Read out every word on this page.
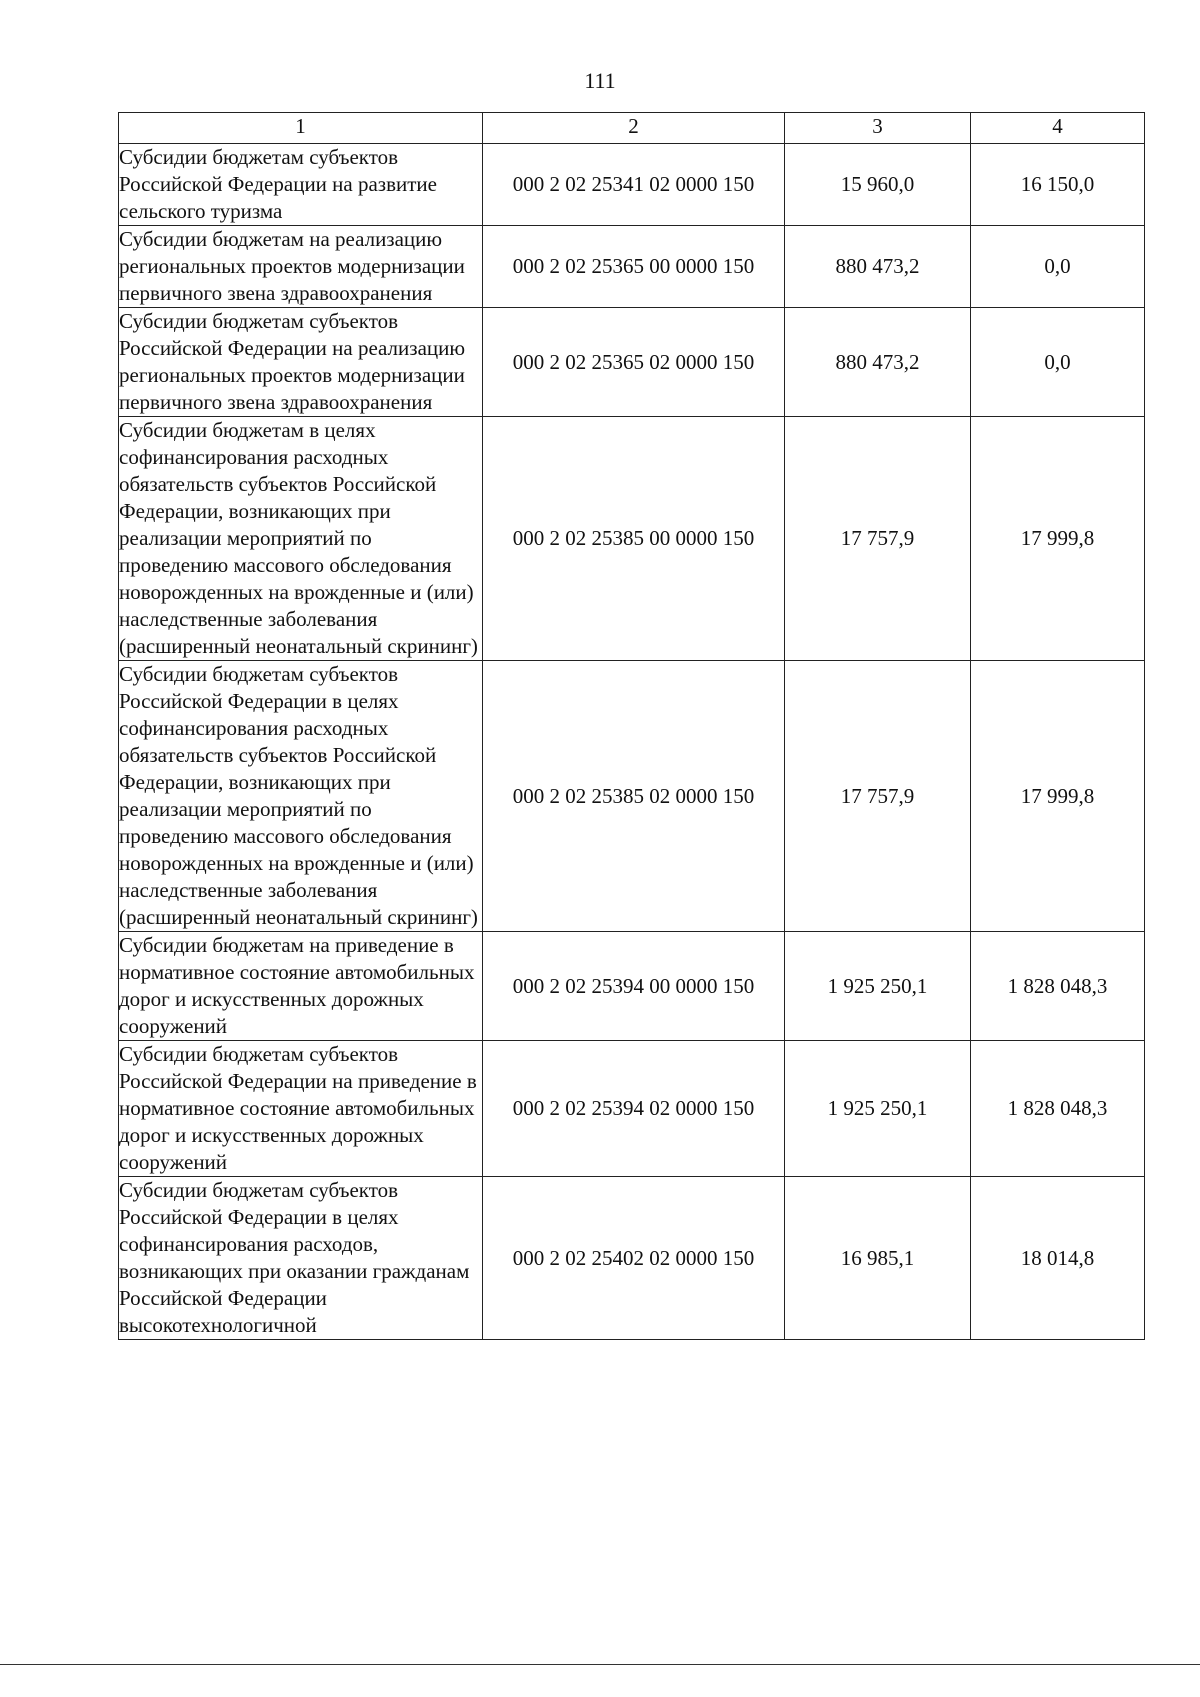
111
1	2	3	4
Субсидии бюджетам субъектов Российской Федерации на развитие сельского туризма	000 2 02 25341 02 0000 150	15 960,0	16 150,0
Субсидии бюджетам на реализацию региональных проектов модернизации первичного звена здравоохранения	000 2 02 25365 00 0000 150	880 473,2	0,0
Субсидии бюджетам субъектов Российской Федерации на реализацию региональных проектов модернизации первичного звена здравоохранения	000 2 02 25365 02 0000 150	880 473,2	0,0
Субсидии бюджетам в целях софинансирования расходных обязательств субъектов Российской Федерации, возникающих при реализации мероприятий по проведению массового обследования новорожденных на врожденные и (или) наследственные заболевания (расширенный неонатальный скрининг)	000 2 02 25385 00 0000 150	17 757,9	17 999,8
Субсидии бюджетам субъектов Российской Федерации в целях софинансирования расходных обязательств субъектов Российской Федерации, возникающих при реализации мероприятий по проведению массового обследования новорожденных на врожденные и (или) наследственные заболевания (расширенный неонатальный скрининг)	000 2 02 25385 02 0000 150	17 757,9	17 999,8
Субсидии бюджетам на приведение в нормативное состояние автомобильных дорог и искусственных дорожных сооружений	000 2 02 25394 00 0000 150	1 925 250,1	1 828 048,3
Субсидии бюджетам субъектов Российской Федерации на приведение в нормативное состояние автомобильных дорог и искусственных дорожных сооружений	000 2 02 25394 02 0000 150	1 925 250,1	1 828 048,3
Субсидии бюджетам субъектов Российской Федерации в целях софинансирования расходов, возникающих при оказании гражданам Российской Федерации высокотехнологичной	000 2 02 25402 02 0000 150	16 985,1	18 014,8
